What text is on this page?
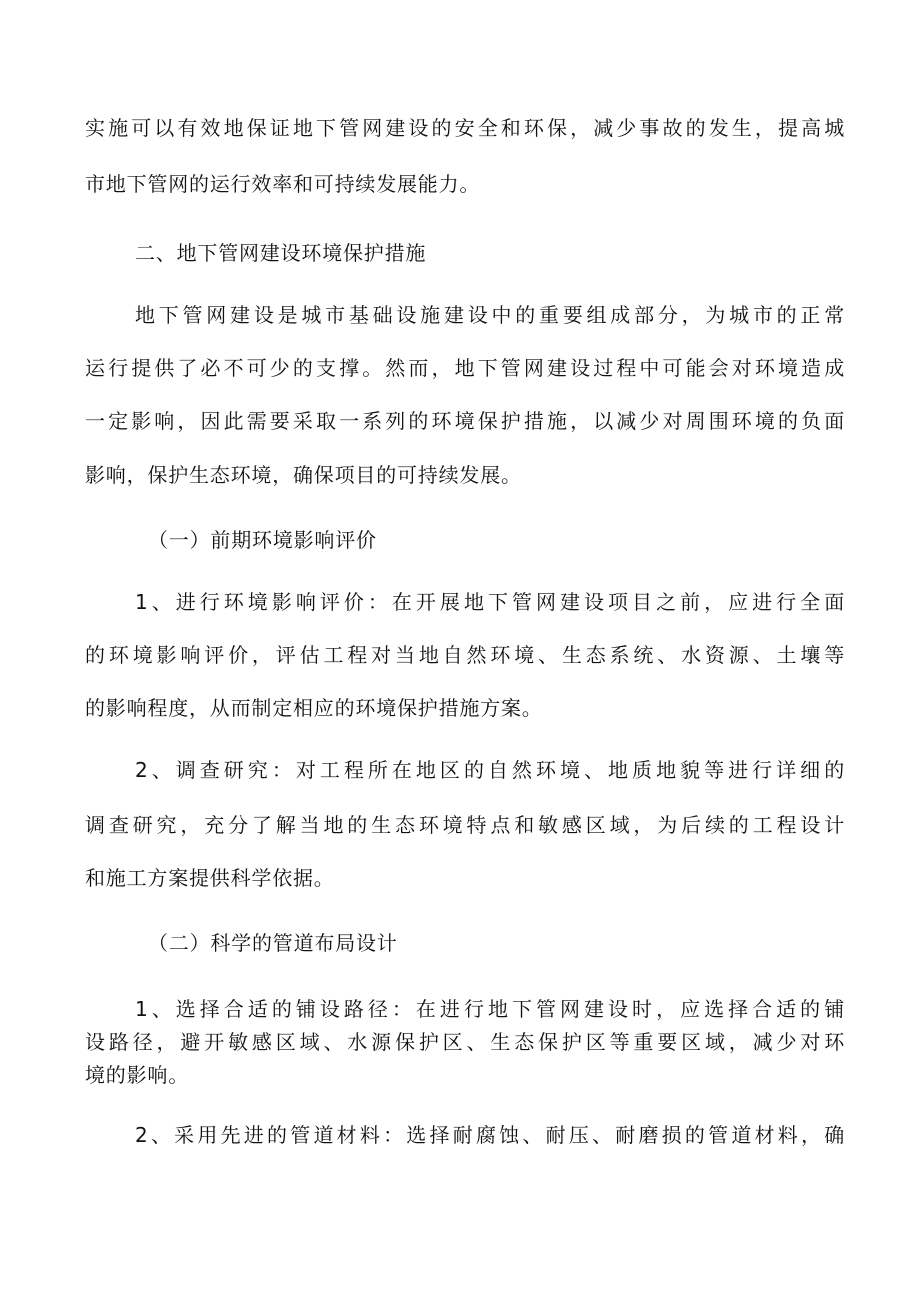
实施可以有效地保证地下管网建设的安全和环保，减少事故的发生，提高城
市地下管网的运行效率和可持续发展能力。
二、地下管网建设环境保护措施
地下管网建设是城市基础设施建设中的重要组成部分，为城市的正常
运行提供了必不可少的支撑。然而，地下管网建设过程中可能会对环境造成
一定影响，因此需要采取一系列的环境保护措施，以减少对周围环境的负面
影响，保护生态环境，确保项目的可持续发展。
（一）前期环境影响评价
1、进行环境影响评价：在开展地下管网建设项目之前，应进行全面
的环境影响评价，评估工程对当地自然环境、生态系统、水资源、土壤等
的影响程度，从而制定相应的环境保护措施方案。
2、调查研究：对工程所在地区的自然环境、地质地貌等进行详细的
调查研究，充分了解当地的生态环境特点和敏感区域，为后续的工程设计
和施工方案提供科学依据。
（二）科学的管道布局设计
1、选择合适的铺设路径：在进行地下管网建设时，应选择合适的铺
设路径，避开敏感区域、水源保护区、生态保护区等重要区域，减少对环
境的影响。
2、采用先进的管道材料：选择耐腐蚀、耐压、耐磨损的管道材料，确
